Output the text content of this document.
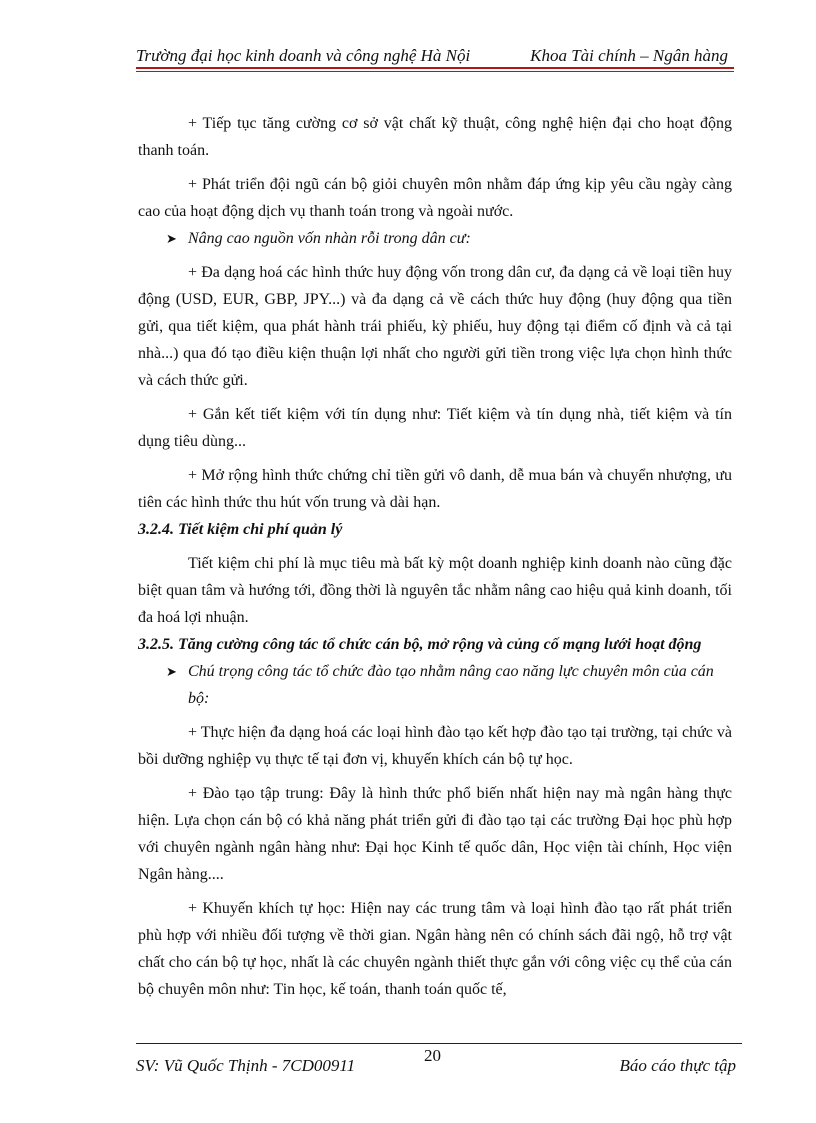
Trường đại học kinh doanh và công nghệ Hà Nội	Khoa Tài chính – Ngân hàng

+ Tiếp tục tăng cường cơ sở vật chất kỹ thuật, công nghệ hiện đại cho hoạt động thanh toán.

+ Phát triển đội ngũ cán bộ giỏi chuyên môn nhằm đáp ứng kịp yêu cầu ngày càng cao của hoạt động dịch vụ thanh toán trong và ngoài nước.

➤ Nâng cao nguồn vốn nhàn rỗi trong dân cư:

+ Đa dạng hoá các hình thức huy động vốn trong dân cư, đa dạng cả về loại tiền huy động (USD, EUR, GBP, JPY...) và đa dạng cả về cách thức huy động (huy động qua tiền gửi, qua tiết kiệm, qua phát hành trái phiếu, kỳ phiếu, huy động tại điểm cố định và cả tại nhà...) qua đó tạo điều kiện thuận lợi nhất cho người gửi tiền trong việc lựa chọn hình thức và cách thức gửi.

+ Gắn kết tiết kiệm với tín dụng như: Tiết kiệm và tín dụng nhà, tiết kiệm và tín dụng tiêu dùng...

+ Mở rộng hình thức chứng chỉ tiền gửi vô danh, dễ mua bán và chuyển nhượng, ưu tiên các hình thức thu hút vốn trung và dài hạn.

3.2.4. Tiết kiệm chi phí quản lý

Tiết kiệm chi phí là mục tiêu mà bất kỳ một doanh nghiệp kinh doanh nào cũng đặc biệt quan tâm và hướng tới, đồng thời là nguyên tắc nhằm nâng cao hiệu quả kinh doanh, tối đa hoá lợi nhuận.

3.2.5. Tăng cường công tác tổ chức cán bộ, mở rộng và củng cố mạng lưới hoạt động

➤ Chú trọng công tác tổ chức đào tạo nhằm nâng cao năng lực chuyên môn của cán bộ:

+ Thực hiện đa dạng hoá các loại hình đào tạo kết hợp đào tạo tại trường, tại chức và bồi dưỡng nghiệp vụ thực tế tại đơn vị, khuyến khích cán bộ tự học.

+ Đào tạo tập trung: Đây là hình thức phổ biến nhất hiện nay mà ngân hàng thực hiện. Lựa chọn cán bộ có khả năng phát triển gửi đi đào tạo tại các trường Đại học phù hợp với chuyên ngành ngân hàng như: Đại học Kinh tế quốc dân, Học viện tài chính, Học viện Ngân hàng....

+ Khuyến khích tự học: Hiện nay các trung tâm và loại hình đào tạo rất phát triển phù hợp với nhiều đối tượng về thời gian. Ngân hàng nên có chính sách đãi ngộ, hỗ trợ vật chất cho cán bộ tự học, nhất là các chuyên ngành thiết thực gắn với công việc cụ thể của cán bộ chuyên môn như: Tin học, kế toán, thanh toán quốc tế,

SV: Vũ Quốc Thịnh - 7CD00911
20
Báo cáo thực tập
